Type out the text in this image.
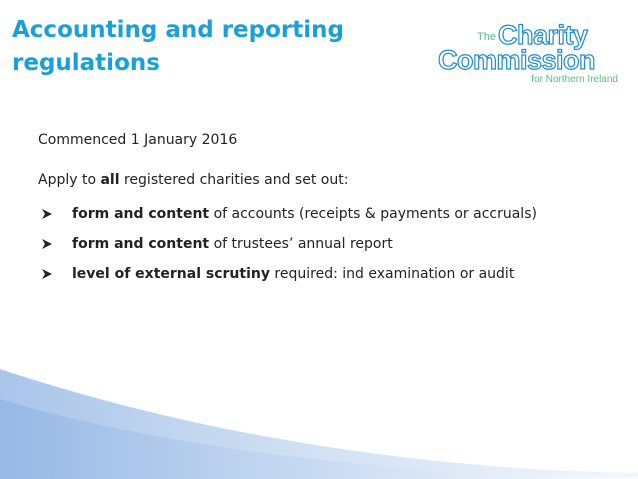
Accounting and reporting
regulations
The Charity
Commission
for Northern Ireland

Commenced 1 January 2016

Apply to all registered charities and set out:

form and content of accounts (receipts & payments or accruals)
form and content of trustees’ annual report
level of external scrutiny required: ind examination or audit
